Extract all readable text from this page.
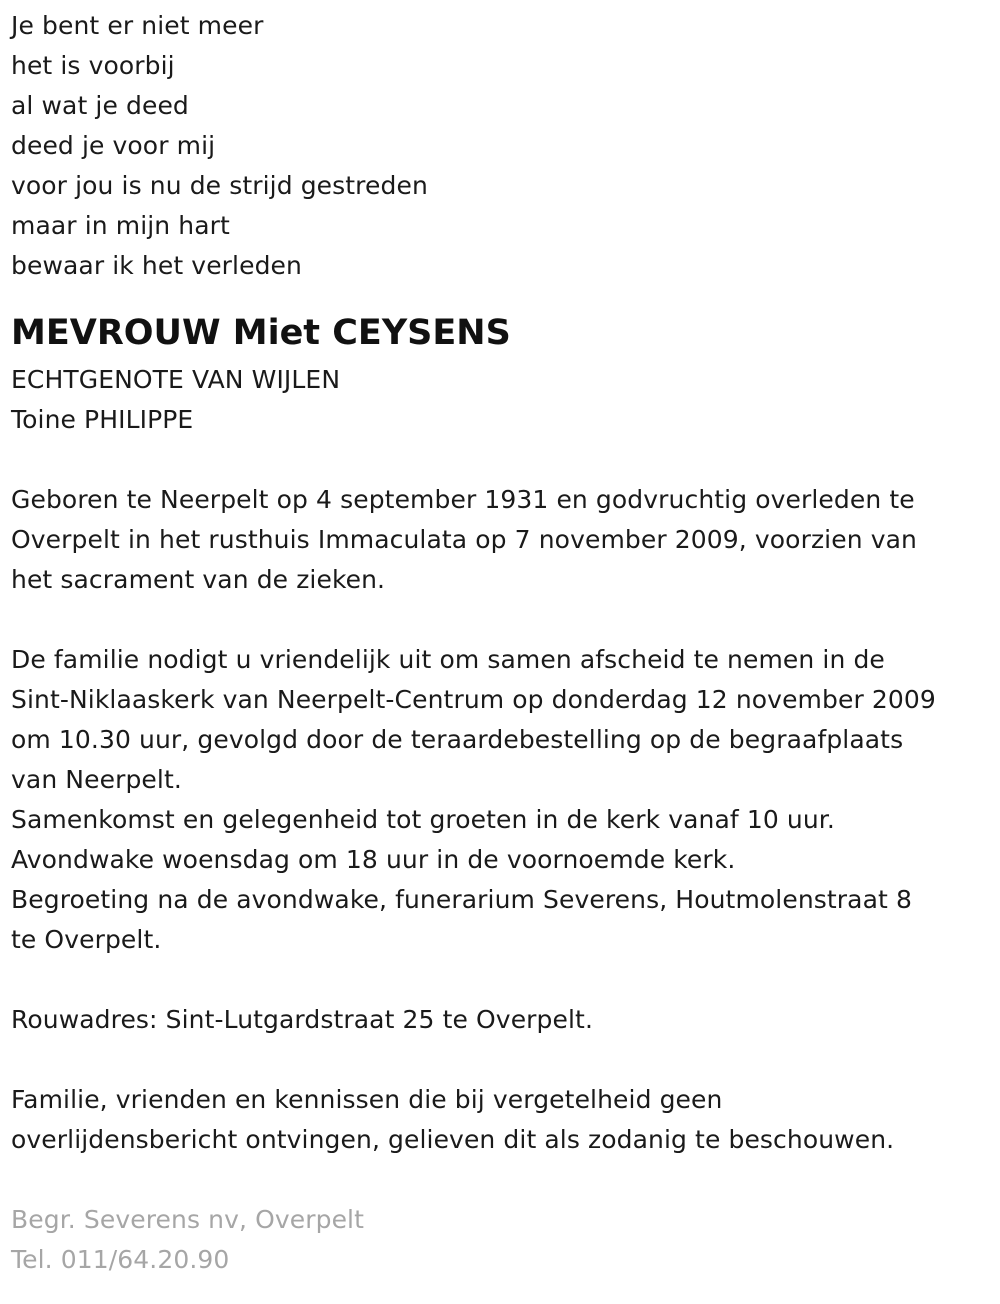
Je bent er niet meer
het is voorbij
al wat je deed
deed je voor mij
voor jou is nu de strijd gestreden
maar in mijn hart
bewaar ik het verleden
MEVROUW Miet CEYSENS
ECHTGENOTE VAN WIJLEN
Toine PHILIPPE
Geboren te Neerpelt op 4 september 1931 en godvruchtig overleden te
Overpelt in het rusthuis Immaculata op 7 november 2009, voorzien van
het sacrament van de zieken.
De familie nodigt u vriendelijk uit om samen afscheid te nemen in de
Sint-Niklaaskerk van Neerpelt-Centrum op donderdag 12 november 2009
om 10.30 uur, gevolgd door de teraardebestelling op de begraafplaats
van Neerpelt.
Samenkomst en gelegenheid tot groeten in de kerk vanaf 10 uur.
Avondwake woensdag om 18 uur in de voornoemde kerk.
Begroeting na de avondwake, funerarium Severens, Houtmolenstraat 8
te Overpelt.
Rouwadres: Sint-Lutgardstraat 25 te Overpelt.
Familie, vrienden en kennissen die bij vergetelheid geen
overlijdensbericht ontvingen, gelieven dit als zodanig te beschouwen.
Begr. Severens nv, Overpelt
Tel. 011/64.20.90
